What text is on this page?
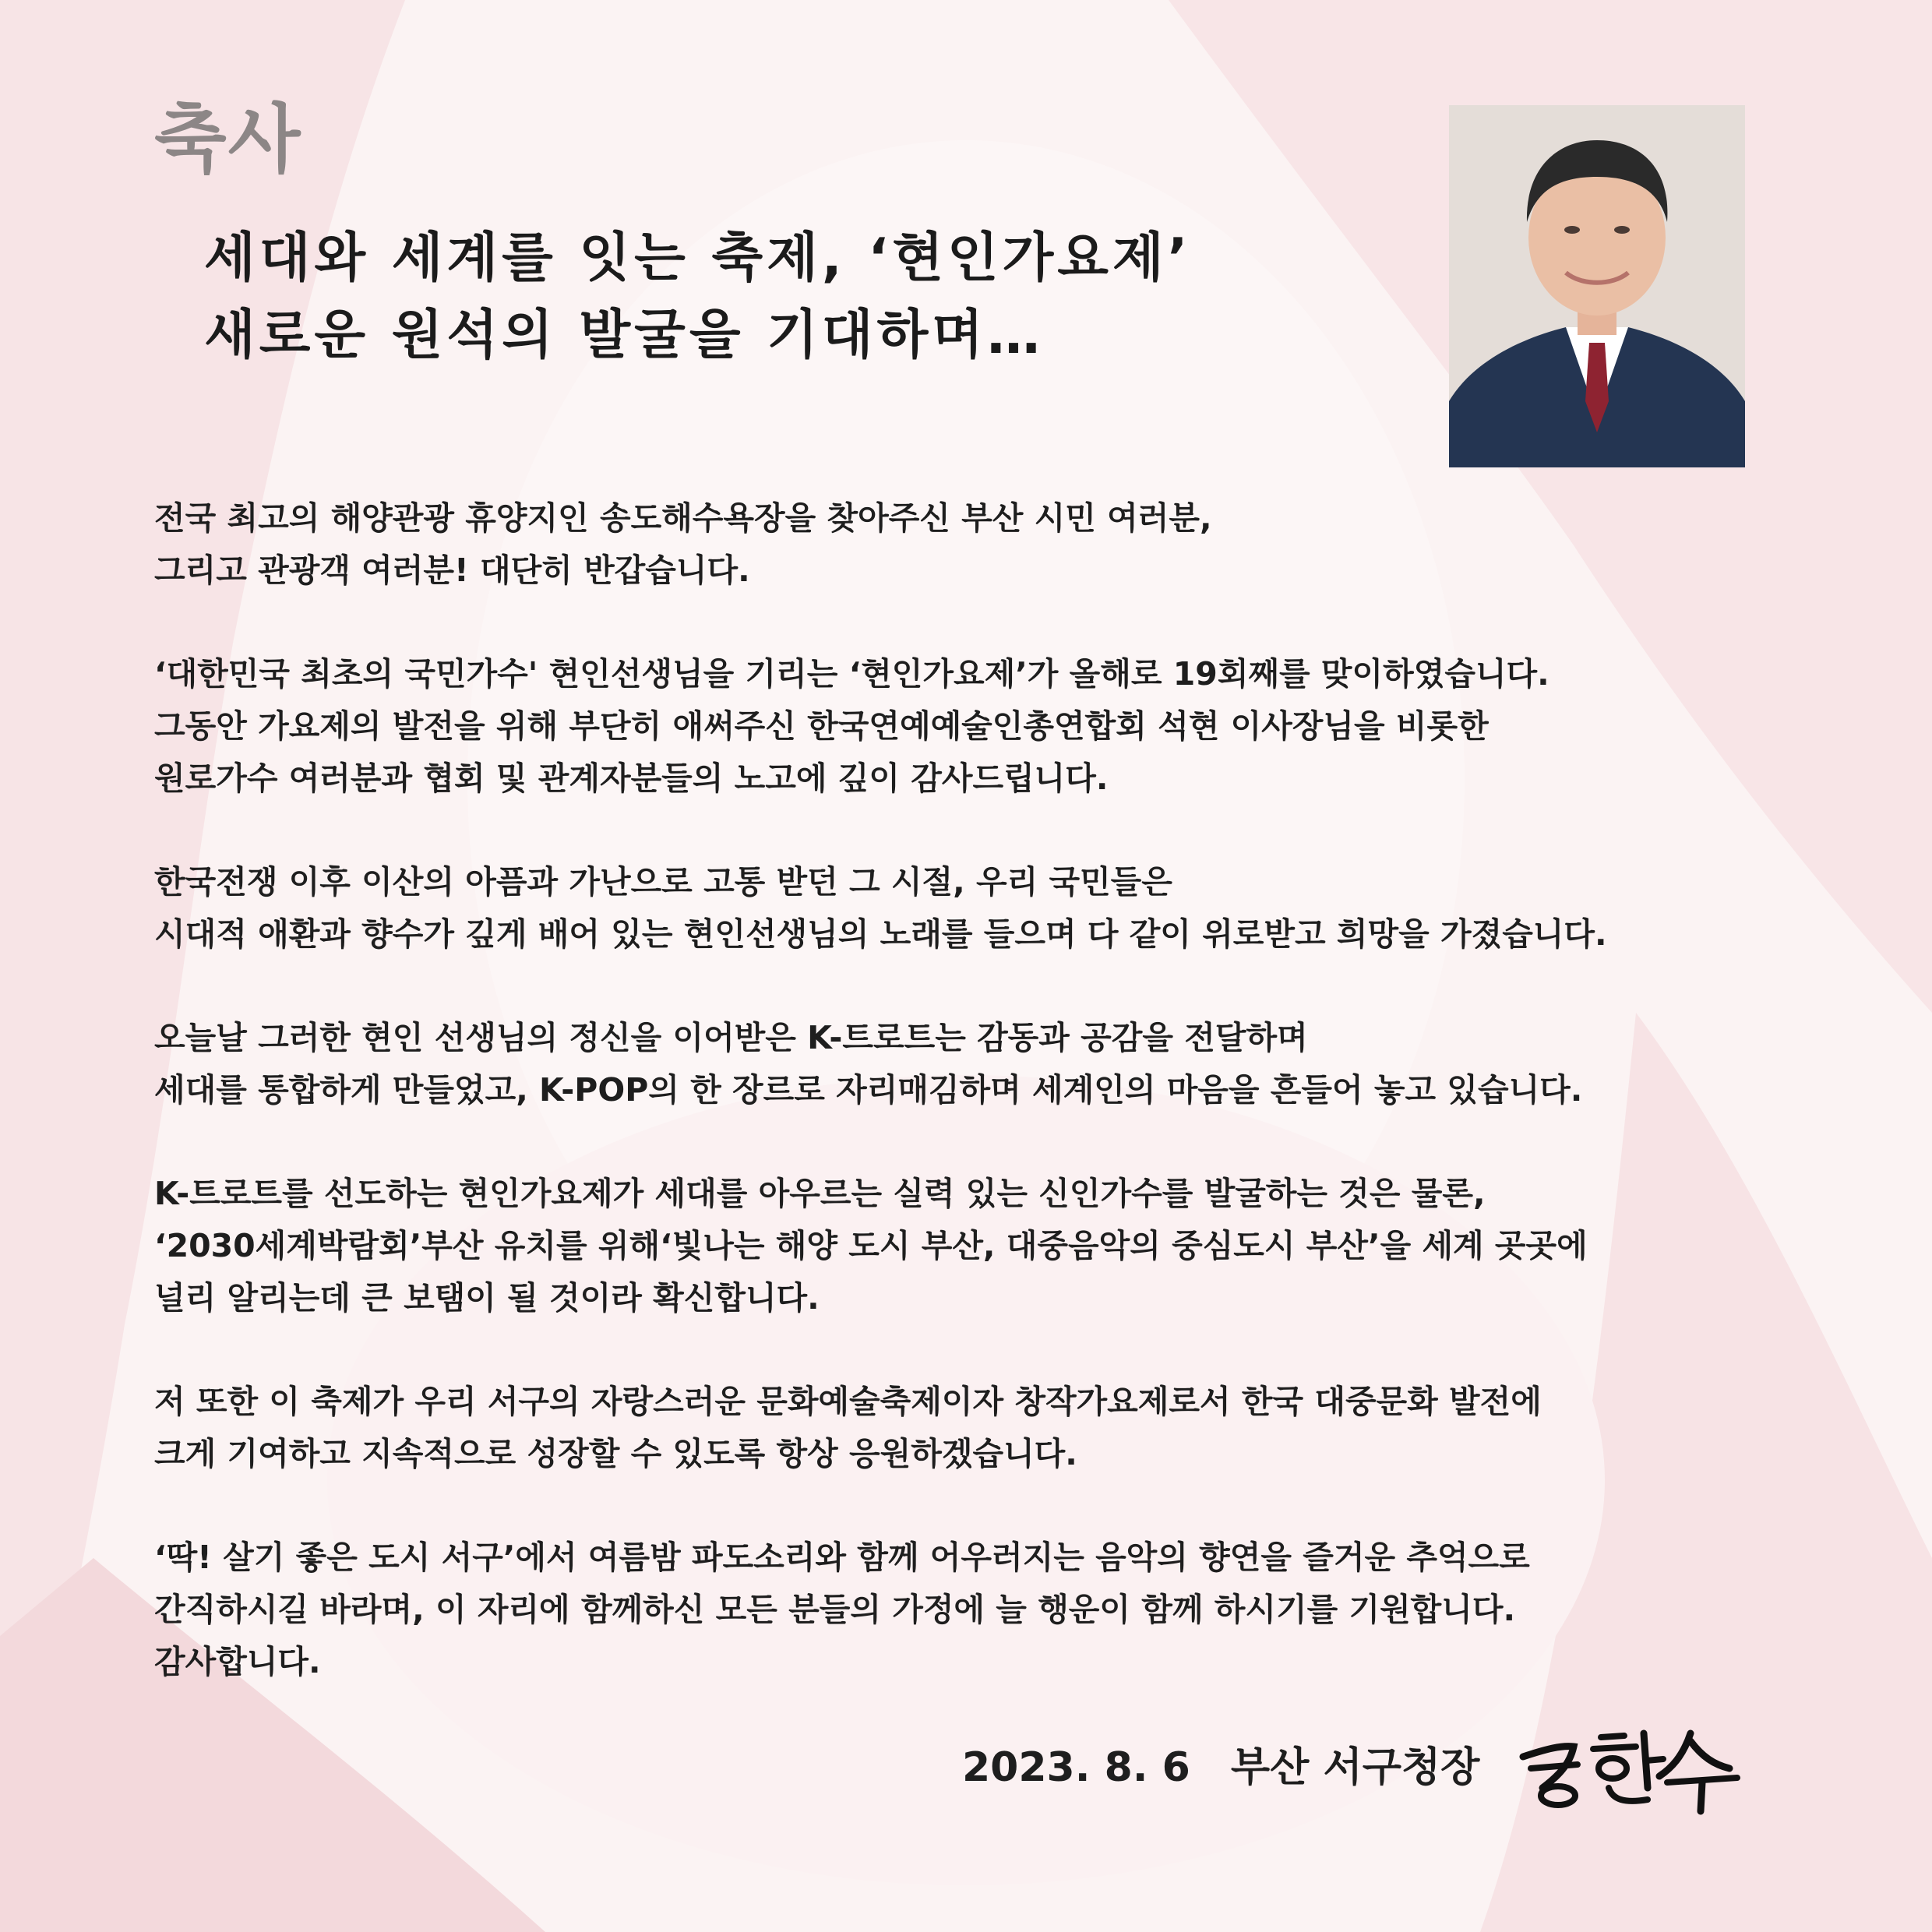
축사
세대와 세계를 잇는 축제, ‘현인가요제’
새로운 원석의 발굴을 기대하며…
전국 최고의 해양관광 휴양지인 송도해수욕장을 찾아주신 부산 시민 여러분,
그리고 관광객 여러분! 대단히 반갑습니다.
‘대한민국 최초의 국민가수' 현인선생님을 기리는 ‘현인가요제’가 올해로 19회째를 맞이하였습니다.
그동안 가요제의 발전을 위해 부단히 애써주신 한국연예예술인총연합회 석현 이사장님을 비롯한
원로가수 여러분과 협회 및 관계자분들의 노고에 깊이 감사드립니다.
한국전쟁 이후 이산의 아픔과 가난으로 고통 받던 그 시절, 우리 국민들은
시대적 애환과 향수가 깊게 배어 있는 현인선생님의 노래를 들으며 다 같이 위로받고 희망을 가졌습니다.
오늘날 그러한 현인 선생님의 정신을 이어받은 K-트로트는 감동과 공감을 전달하며
세대를 통합하게 만들었고, K-POP의 한 장르로 자리매김하며 세계인의 마음을 흔들어 놓고 있습니다.
K-트로트를 선도하는 현인가요제가 세대를 아우르는 실력 있는 신인가수를 발굴하는 것은 물론,
‘2030세계박람회’부산 유치를 위해‘빛나는 해양 도시 부산, 대중음악의 중심도시 부산’을 세계 곳곳에
널리 알리는데 큰 보탬이 될 것이라 확신합니다.
저 또한 이 축제가 우리 서구의 자랑스러운 문화예술축제이자 창작가요제로서 한국 대중문화 발전에
크게 기여하고 지속적으로 성장할 수 있도록 항상 응원하겠습니다.
‘딱! 살기 좋은 도시 서구’에서 여름밤 파도소리와 함께 어우러지는 음악의 향연을 즐거운 추억으로
간직하시길 바라며, 이 자리에 함께하신 모든 분들의 가정에 늘 행운이 함께 하시기를 기원합니다.
감사합니다.
2023. 8. 6 부산 서구청장
